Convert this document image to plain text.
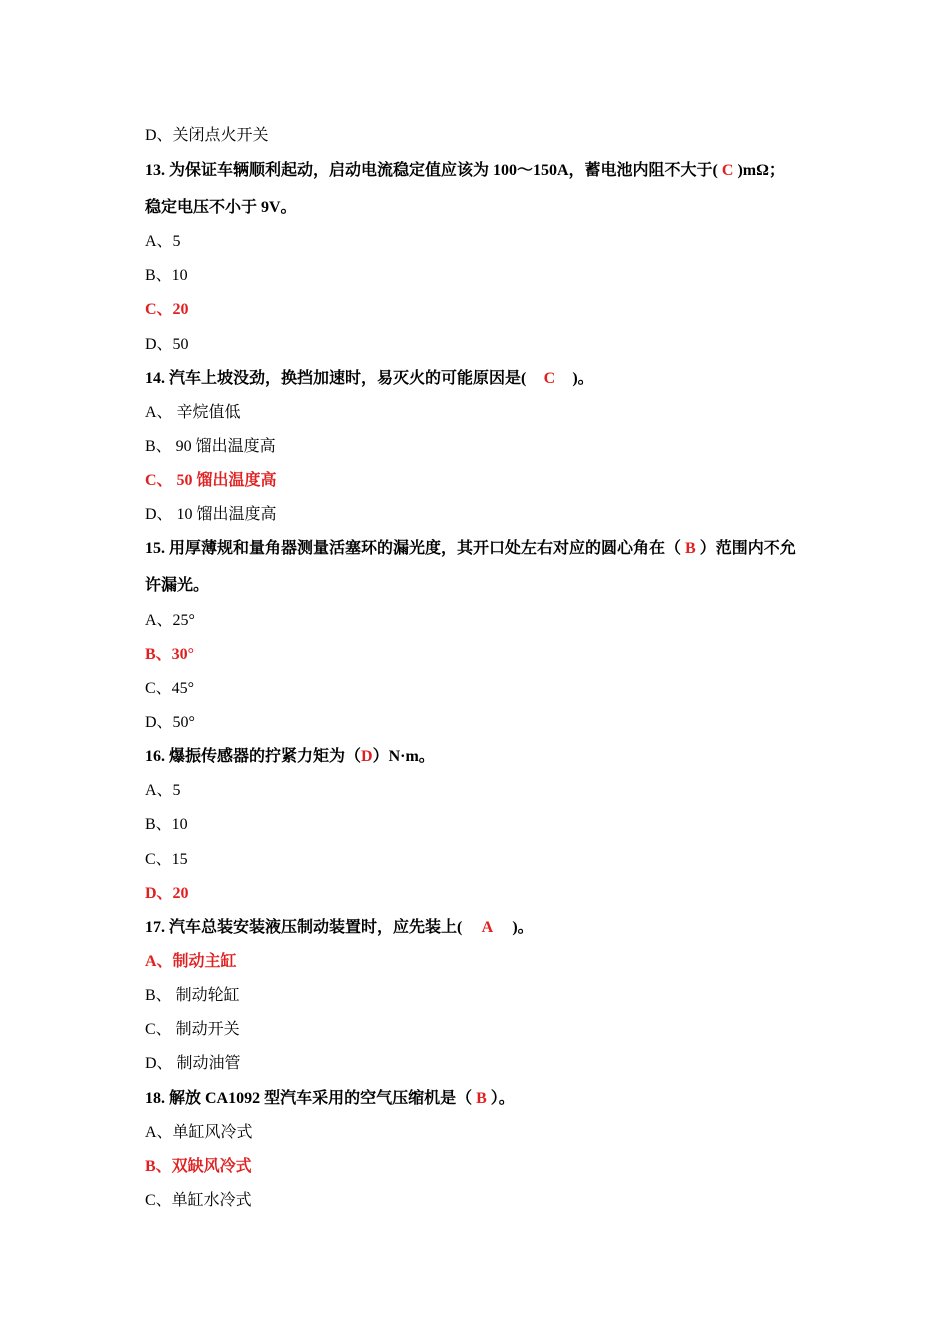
D、关闭点火开关
13. 为保证车辆顺利起动，启动电流稳定值应该为 100～150A，蓄电池内阻不大于( C )mΩ；
稳定电压不小于 9V。
A、5
B、10
C、20
D、50
14. 汽车上坡没劲，换挡加速时，易灭火的可能原因是( C )。
A、 辛烷值低
B、 90 馏出温度高
C、 50 馏出温度高
D、 10 馏出温度高
15. 用厚薄规和量角器测量活塞环的漏光度，其开口处左右对应的圆心角在（ B ）范围内不允
许漏光。
A、25°
B、30°
C、45°
D、50°
16. 爆振传感器的拧紧力矩为（D）N·m。
A、5
B、10
C、15
D、20
17. 汽车总装安装液压制动装置时，应先装上( A )。
A、制动主缸
B、 制动轮缸
C、 制动开关
D、 制动油管
18. 解放 CA1092 型汽车采用的空气压缩机是（ B ）。
A、单缸风冷式
B、双缺风冷式
C、单缸水冷式
